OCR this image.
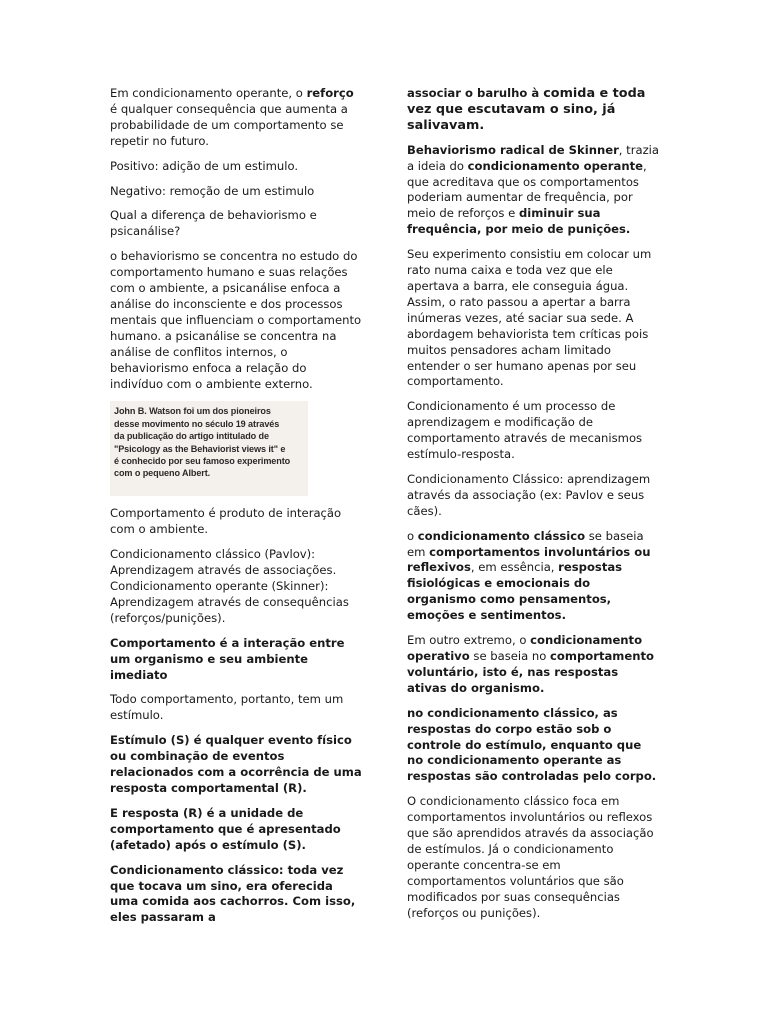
Em condicionamento operante, o reforço é qualquer consequência que aumenta a probabilidade de um comportamento se repetir no futuro.

Positivo: adição de um estimulo.

Negativo: remoção de um estimulo

Qual a diferença de behaviorismo e psicanálise?

o behaviorismo se concentra no estudo do comportamento humano e suas relações com o ambiente, a psicanálise enfoca a análise do inconsciente e dos processos mentais que influenciam o comportamento humano. a psicanálise se concentra na análise de conflitos internos, o behaviorismo enfoca a relação do indivíduo com o ambiente externo.

John B. Watson foi um dos pioneiros
desse movimento no século 19 através
da publicação do artigo intitulado de
"Psicology as the Behaviorist views it" e
é conhecido por seu famoso experimento
com o pequeno Albert.

Comportamento é produto de interação com o ambiente.

Condicionamento clássico (Pavlov): Aprendizagem através de associações.

Condicionamento operante (Skinner): Aprendizagem através de consequências (reforços/punições).

Comportamento é a interação entre um organismo e seu ambiente imediato

Todo comportamento, portanto, tem um estímulo.

Estímulo (S) é qualquer evento físico ou combinação de eventos relacionados com a ocorrência de uma resposta comportamental (R).

E resposta (R) é a unidade de comportamento que é apresentado (afetado) após o estímulo (S).

Condicionamento clássico: toda vez que tocava um sino, era oferecida uma comida aos cachorros. Com isso, eles passaram a

associar o barulho à comida e toda vez que escutavam o sino, já salivavam.

Behaviorismo radical de Skinner, trazia a ideia do condicionamento operante, que acreditava que os comportamentos poderiam aumentar de frequência, por meio de reforços e diminuir sua frequência, por meio de punições.

Seu experimento consistiu em colocar um rato numa caixa e toda vez que ele apertava a barra, ele conseguia água. Assim, o rato passou a apertar a barra inúmeras vezes, até saciar sua sede. A abordagem behaviorista tem críticas pois muitos pensadores acham limitado entender o ser humano apenas por seu comportamento.

Condicionamento é um processo de aprendizagem e modificação de comportamento através de mecanismos estímulo-resposta.

Condicionamento Clássico: aprendizagem através da associação (ex: Pavlov e seus cães).

o condicionamento clássico se baseia em comportamentos involuntários ou reflexivos, em essência, respostas fisiológicas e emocionais do organismo como pensamentos, emoções e sentimentos.

Em outro extremo, o condicionamento operativo se baseia no comportamento voluntário, isto é, nas respostas ativas do organismo.

no condicionamento clássico, as respostas do corpo estão sob o controle do estímulo, enquanto que no condicionamento operante as respostas são controladas pelo corpo.

O condicionamento clássico foca em comportamentos involuntários ou reflexos que são aprendidos através da associação de estímulos. Já o condicionamento operante concentra-se em comportamentos voluntários que são modificados por suas consequências (reforços ou punições).
